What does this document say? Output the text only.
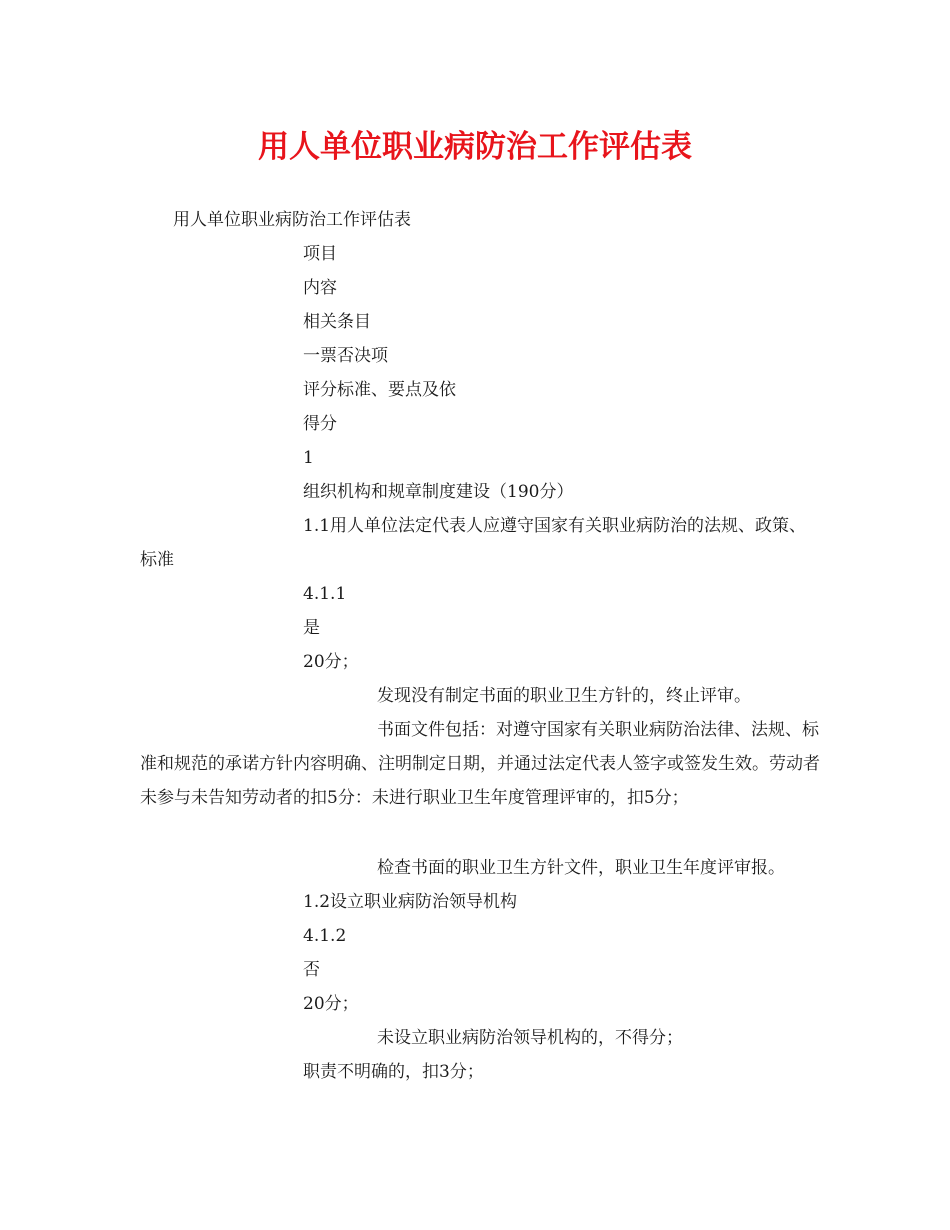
用人单位职业病防治工作评估表

用人单位职业病防治工作评估表

项目

内容

相关条目

一票否决项

评分标准、要点及依

得分

1

组织机构和规章制度建设（190分）

1.1用人单位法定代表人应遵守国家有关职业病防治的法规、政策、标准

4.1.1

是

20分；

发现没有制定书面的职业卫生方针的，终止评审。

书面文件包括：对遵守国家有关职业病防治法律、法规、标准和规范的承诺方针内容明确、注明制定日期，并通过法定代表人签字或签发生效。劳动者未参与未告知劳动者的扣5分：未进行职业卫生年度管理评审的，扣5分；

检查书面的职业卫生方针文件，职业卫生年度评审报。

1.2设立职业病防治领导机构

4.1.2

否

20分；

未设立职业病防治领导机构的，不得分；

职责不明确的，扣3分；
